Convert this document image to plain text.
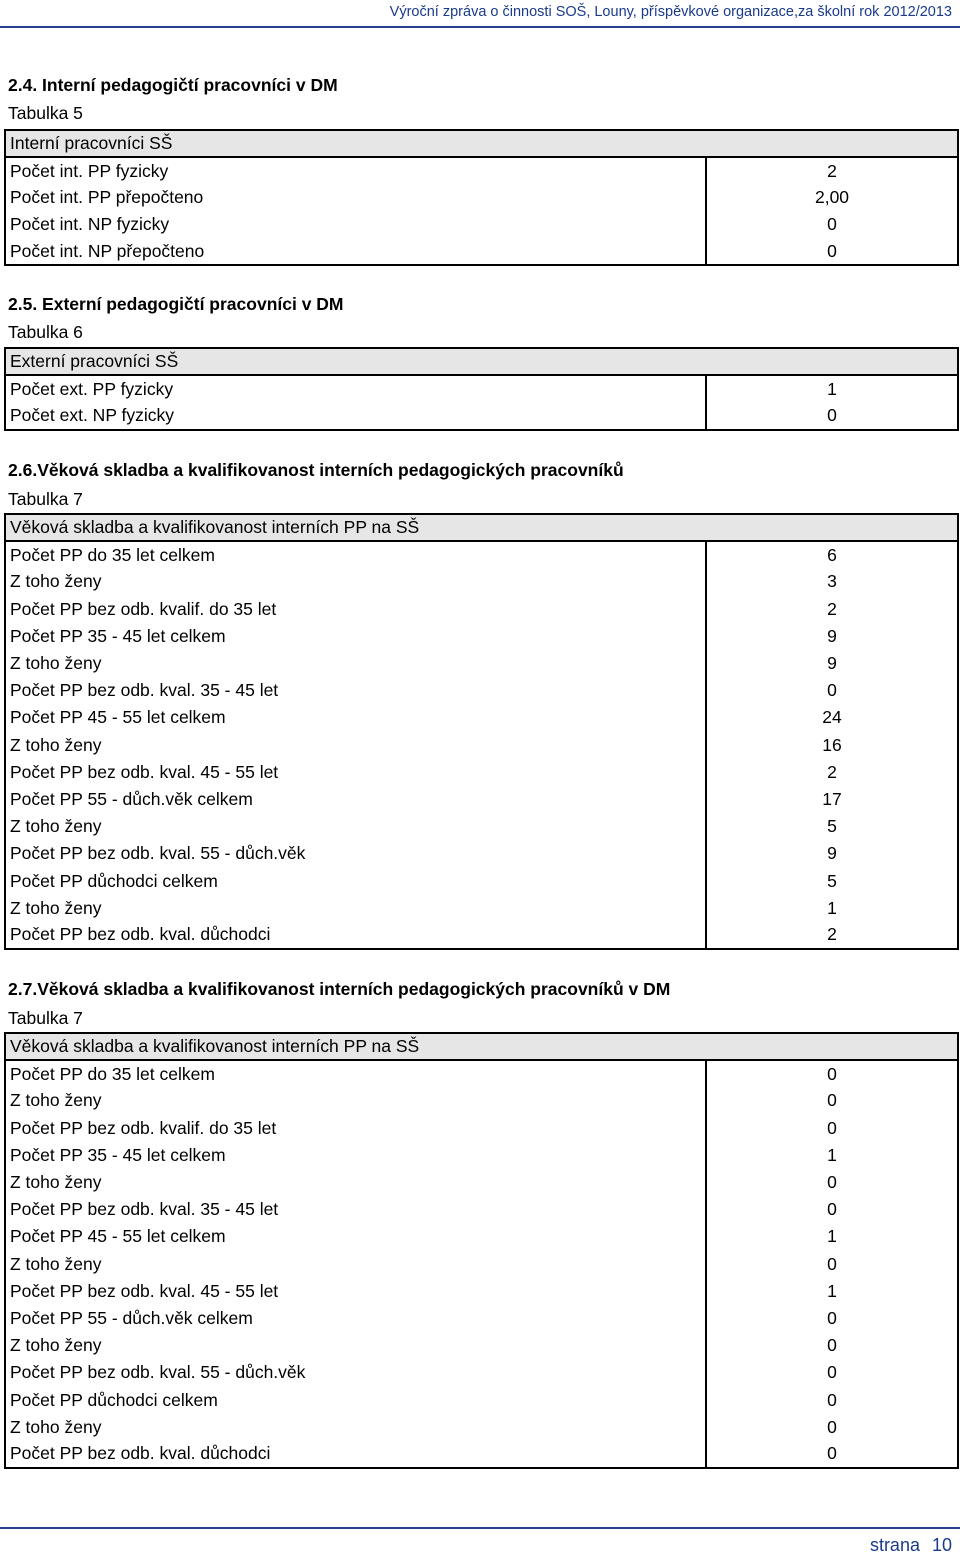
Výroční zpráva o činnosti SOŠ, Louny, příspěvkové organizace,za školní rok 2012/2013
2.4. Interní pedagogičtí pracovníci v DM
Tabulka 5
Interní pracovníci SŠ	
Počet int. PP fyzicky	2
Počet int. PP přepočteno	2,00
Počet int. NP fyzicky	0
Počet int. NP přepočteno	0
2.5. Externí pedagogičtí pracovníci v DM
Tabulka 6
Externí pracovníci SŠ	
Počet ext. PP fyzicky	1
Počet ext. NP fyzicky	0
2.6.Věková skladba a kvalifikovanost interních pedagogických pracovníků
Tabulka 7
Věková skladba a kvalifikovanost interních PP na SŠ	
Počet PP do 35 let celkem	6
Z toho ženy	3
Počet PP bez odb. kvalif. do 35 let	2
Počet PP 35 - 45 let celkem	9
Z toho ženy	9
Počet PP bez odb. kval. 35 - 45 let	0
Počet PP 45 - 55 let celkem	24
Z toho ženy	16
Počet PP bez odb. kval. 45 - 55 let	2
Počet PP 55 - důch.věk celkem	17
Z toho ženy	5
Počet PP bez odb. kval. 55 - důch.věk	9
Počet PP důchodci celkem	5
Z toho ženy	1
Počet PP bez odb. kval. důchodci	2
2.7.Věková skladba a kvalifikovanost interních pedagogických pracovníků v DM
Tabulka 7
Věková skladba a kvalifikovanost interních PP na SŠ	
Počet PP do 35 let celkem	0
Z toho ženy	0
Počet PP bez odb. kvalif. do 35 let	0
Počet PP 35 - 45 let celkem	1
Z toho ženy	0
Počet PP bez odb. kval. 35 - 45 let	0
Počet PP 45 - 55 let celkem	1
Z toho ženy	0
Počet PP bez odb. kval. 45 - 55 let	1
Počet PP 55 - důch.věk celkem	0
Z toho ženy	0
Počet PP bez odb. kval. 55 - důch.věk	0
Počet PP důchodci celkem	0
Z toho ženy	0
Počet PP bez odb. kval. důchodci	0
strana 10
